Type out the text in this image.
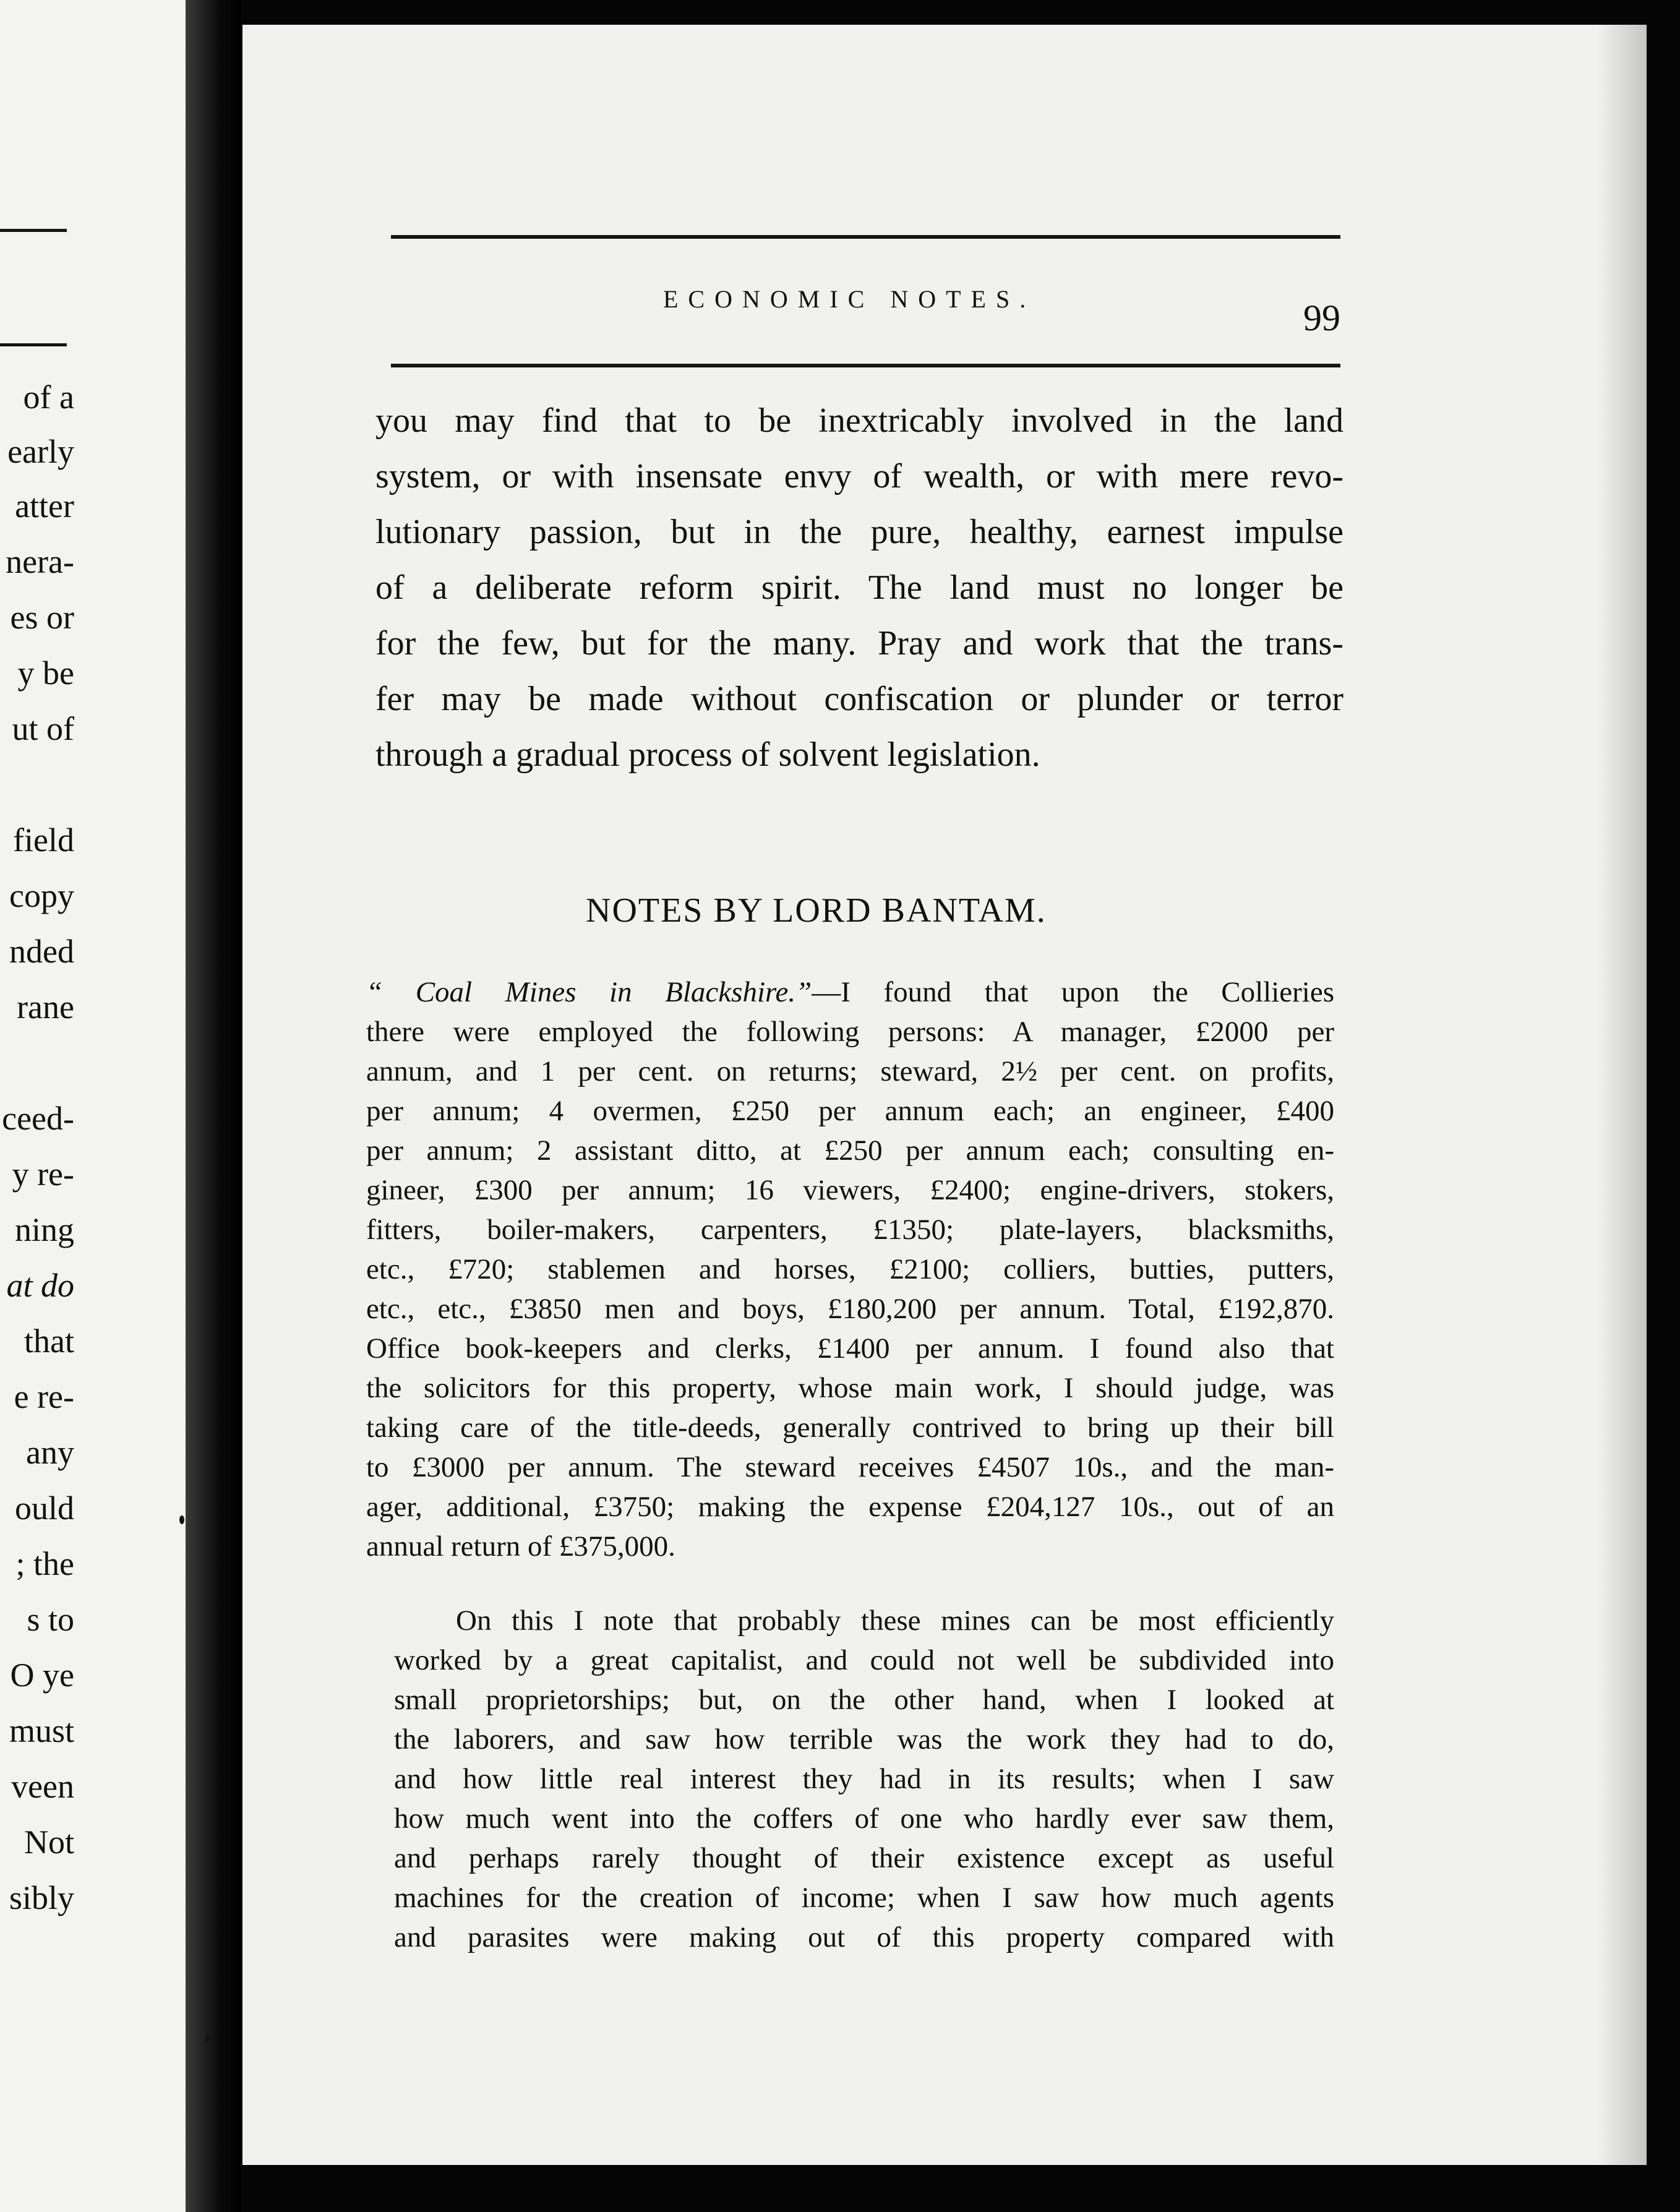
of a
early
atter
nera-
es or
y be
ut of
field
copy
nded
rane
ceed-
y re-
ning
at do
that
e re-
any
ould
; the
s to
O ye
must
veen
Not
sibly
ECONOMIC NOTES.	99
you may find that to be inextricably involved in the land
system, or with insensate envy of wealth, or with mere revo-
lutionary passion, but in the pure, healthy, earnest impulse
of a deliberate reform spirit. The land must no longer be
for the few, but for the many. Pray and work that the trans-
fer may be made without confiscation or plunder or terror
through a gradual process of solvent legislation.
NOTES BY LORD BANTAM.
“ Coal Mines in Blackshire.”—I found that upon the Collieries
there were employed the following persons: A manager, £2000 per
annum, and 1 per cent. on returns; steward, 2½ per cent. on profits,
per annum; 4 overmen, £250 per annum each; an engineer, £400
per annum; 2 assistant ditto, at £250 per annum each; consulting en-
gineer, £300 per annum; 16 viewers, £2400; engine-drivers, stokers,
fitters, boiler-makers, carpenters, £1350; plate-layers, blacksmiths,
etc., £720; stablemen and horses, £2100; colliers, butties, putters,
etc., etc., £3850 men and boys, £180,200 per annum. Total, £192,870.
Office book-keepers and clerks, £1400 per annum. I found also that
the solicitors for this property, whose main work, I should judge, was
taking care of the title-deeds, generally contrived to bring up their bill
to £3000 per annum. The steward receives £4507 10s., and the man-
ager, additional, £3750; making the expense £204,127 10s., out of an
annual return of £375,000.
On this I note that probably these mines can be most efficiently
worked by a great capitalist, and could not well be subdivided into
small proprietorships; but, on the other hand, when I looked at
the laborers, and saw how terrible was the work they had to do,
and how little real interest they had in its results; when I saw
how much went into the coffers of one who hardly ever saw them,
and perhaps rarely thought of their existence except as useful
machines for the creation of income; when I saw how much agents
and parasites were making out of this property compared with
